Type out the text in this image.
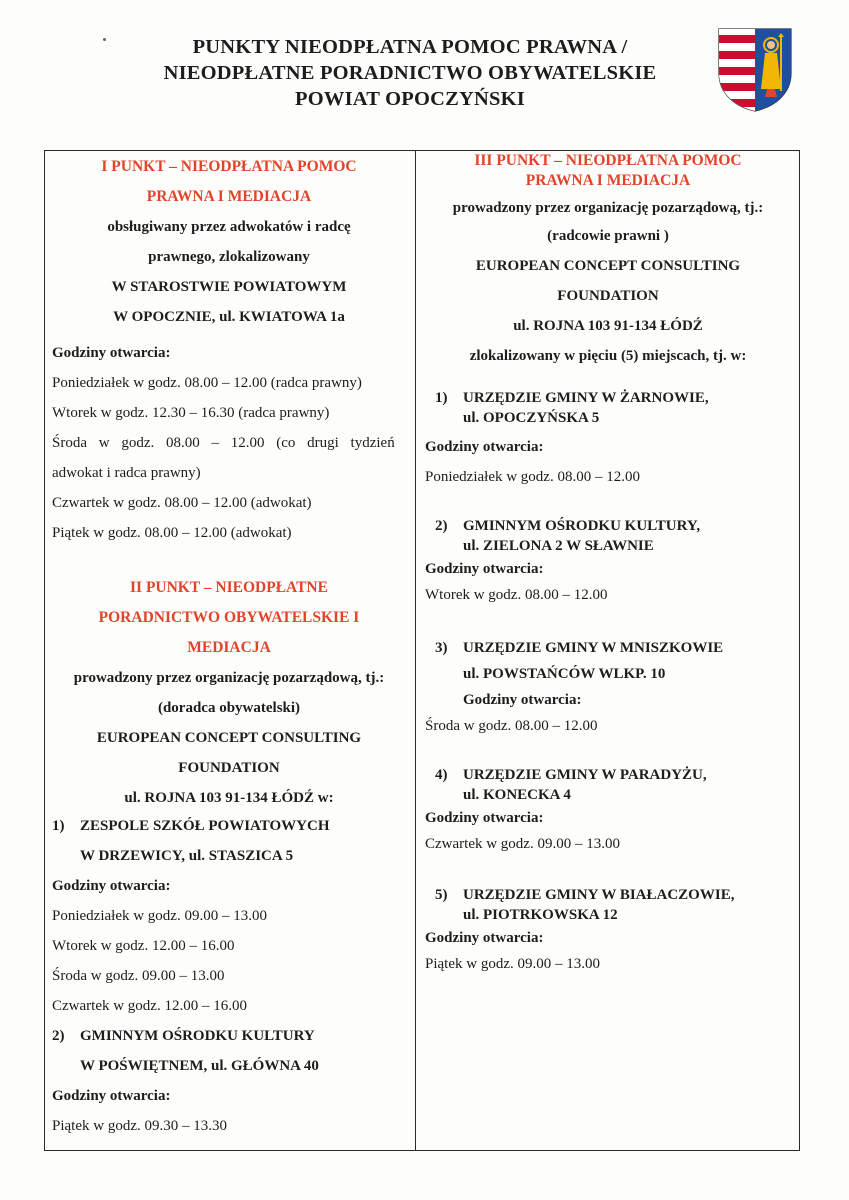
PUNKTY NIEODPŁATNA POMOC PRAWNA /
NIEODPŁATNE PORADNICTWO OBYWATELSKIE
POWIAT OPOCZYŃSKI
I PUNKT – NIEODPŁATNA POMOC
PRAWNA I MEDIACJA
obsługiwany przez adwokatów i radcę
prawnego, zlokalizowany
W STAROSTWIE POWIATOWYM
W OPOCZNIE, ul. KWIATOWA 1a
Godziny otwarcia:
Poniedziałek w godz. 08.00 – 12.00 (radca prawny)
Wtorek w godz. 12.30 – 16.30 (radca prawny)
Środa w godz. 08.00 – 12.00 (co drugi tydzień
adwokat i radca prawny)
Czwartek w godz. 08.00 – 12.00 (adwokat)
Piątek w godz. 08.00 – 12.00 (adwokat)
II PUNKT – NIEODPŁATNE
PORADNICTWO OBYWATELSKIE I
MEDIACJA
prowadzony przez organizację pozarządową, tj.:
(doradca obywatelski)
EUROPEAN CONCEPT CONSULTING
FOUNDATION
ul. ROJNA 103 91-134 ŁÓDŹ w:
1)	ZESPOLE SZKÓŁ POWIATOWYCH
W DRZEWICY, ul. STASZICA 5
Godziny otwarcia:
Poniedziałek w godz. 09.00 – 13.00
Wtorek w godz. 12.00 – 16.00
Środa w godz. 09.00 – 13.00
Czwartek w godz. 12.00 – 16.00
2)	GMINNYM OŚRODKU KULTURY
W POŚWIĘTNEM, ul. GŁÓWNA 40
Godziny otwarcia:
Piątek w godz. 09.30 – 13.30
III PUNKT – NIEODPŁATNA POMOC
PRAWNA I MEDIACJA
prowadzony przez organizację pozarządową, tj.:
(radcowie prawni )
EUROPEAN CONCEPT CONSULTING
FOUNDATION
ul. ROJNA 103 91-134 ŁÓDŹ
zlokalizowany w pięciu (5) miejscach, tj. w:
1)	URZĘDZIE GMINY W ŻARNOWIE,
ul. OPOCZYŃSKA 5
Godziny otwarcia:
Poniedziałek w godz. 08.00 – 12.00
2)	GMINNYM OŚRODKU KULTURY,
ul. ZIELONA 2 W SŁAWNIE
Godziny otwarcia:
Wtorek w godz. 08.00 – 12.00
3)	URZĘDZIE GMINY W MNISZKOWIE
ul. POWSTAŃCÓW WLKP. 10
Godziny otwarcia:
Środa w godz. 08.00 – 12.00
4)	URZĘDZIE GMINY W PARADYŻU,
ul. KONECKA 4
Godziny otwarcia:
Czwartek w godz. 09.00 – 13.00
5)	URZĘDZIE GMINY W BIAŁACZOWIE,
ul. PIOTRKOWSKA 12
Godziny otwarcia:
Piątek w godz. 09.00 – 13.00
